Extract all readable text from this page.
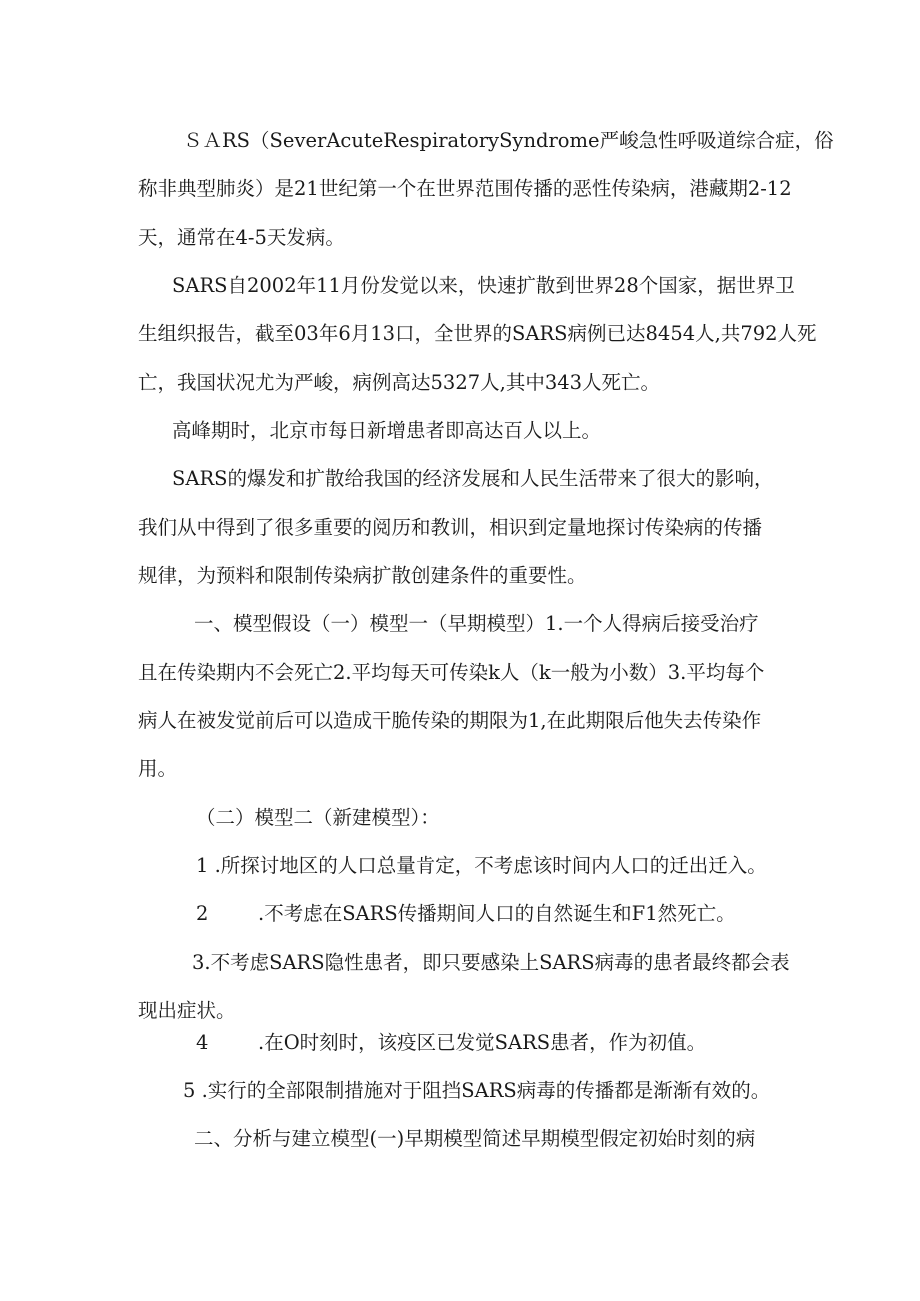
ＳＡRS（SeverAcuteRespiratorySyndrome严峻急性呼吸道综合症，俗
称非典型肺炎）是21世纪第一个在世界范围传播的恶性传染病，港藏期2-12
天，通常在4-5天发病。
SARS自2002年11月份发觉以来，快速扩散到世界28个国家，据世界卫
生组织报告，截至03年6月13口，全世界的SARS病例已达8454人,共792人死
亡，我国状况尤为严峻，病例高达5327人,其中343人死亡。
高峰期时，北京市每日新增患者即高达百人以上。
SARS的爆发和扩散给我国的经济发展和人民生活带来了很大的影响，
我们从中得到了很多重要的阅历和教训，相识到定量地探讨传染病的传播
规律，为预料和限制传染病扩散创建条件的重要性。
一、模型假设（一）模型一（早期模型）1.一个人得病后接受治疗
且在传染期内不会死亡2.平均每天可传染k人（k一般为小数）3.平均每个
病人在被发觉前后可以造成干脆传染的期限为1,在此期限后他失去传染作
用。
（二）模型二（新建模型）：
1 .所探讨地区的人口总量肯定，不考虑该时间内人口的迁出迁入。
2        .不考虑在SARS传播期间人口的自然诞生和F1然死亡。
3.不考虑SARS隐性患者，即只要感染上SARS病毒的患者最终都会表
现出症状。
4        .在O时刻时，该疫区已发觉SARS患者，作为初值。
5 .实行的全部限制措施对于阻挡SARS病毒的传播都是渐渐有效的。
二、分析与建立模型(一)早期模型简述早期模型假定初始时刻的病
